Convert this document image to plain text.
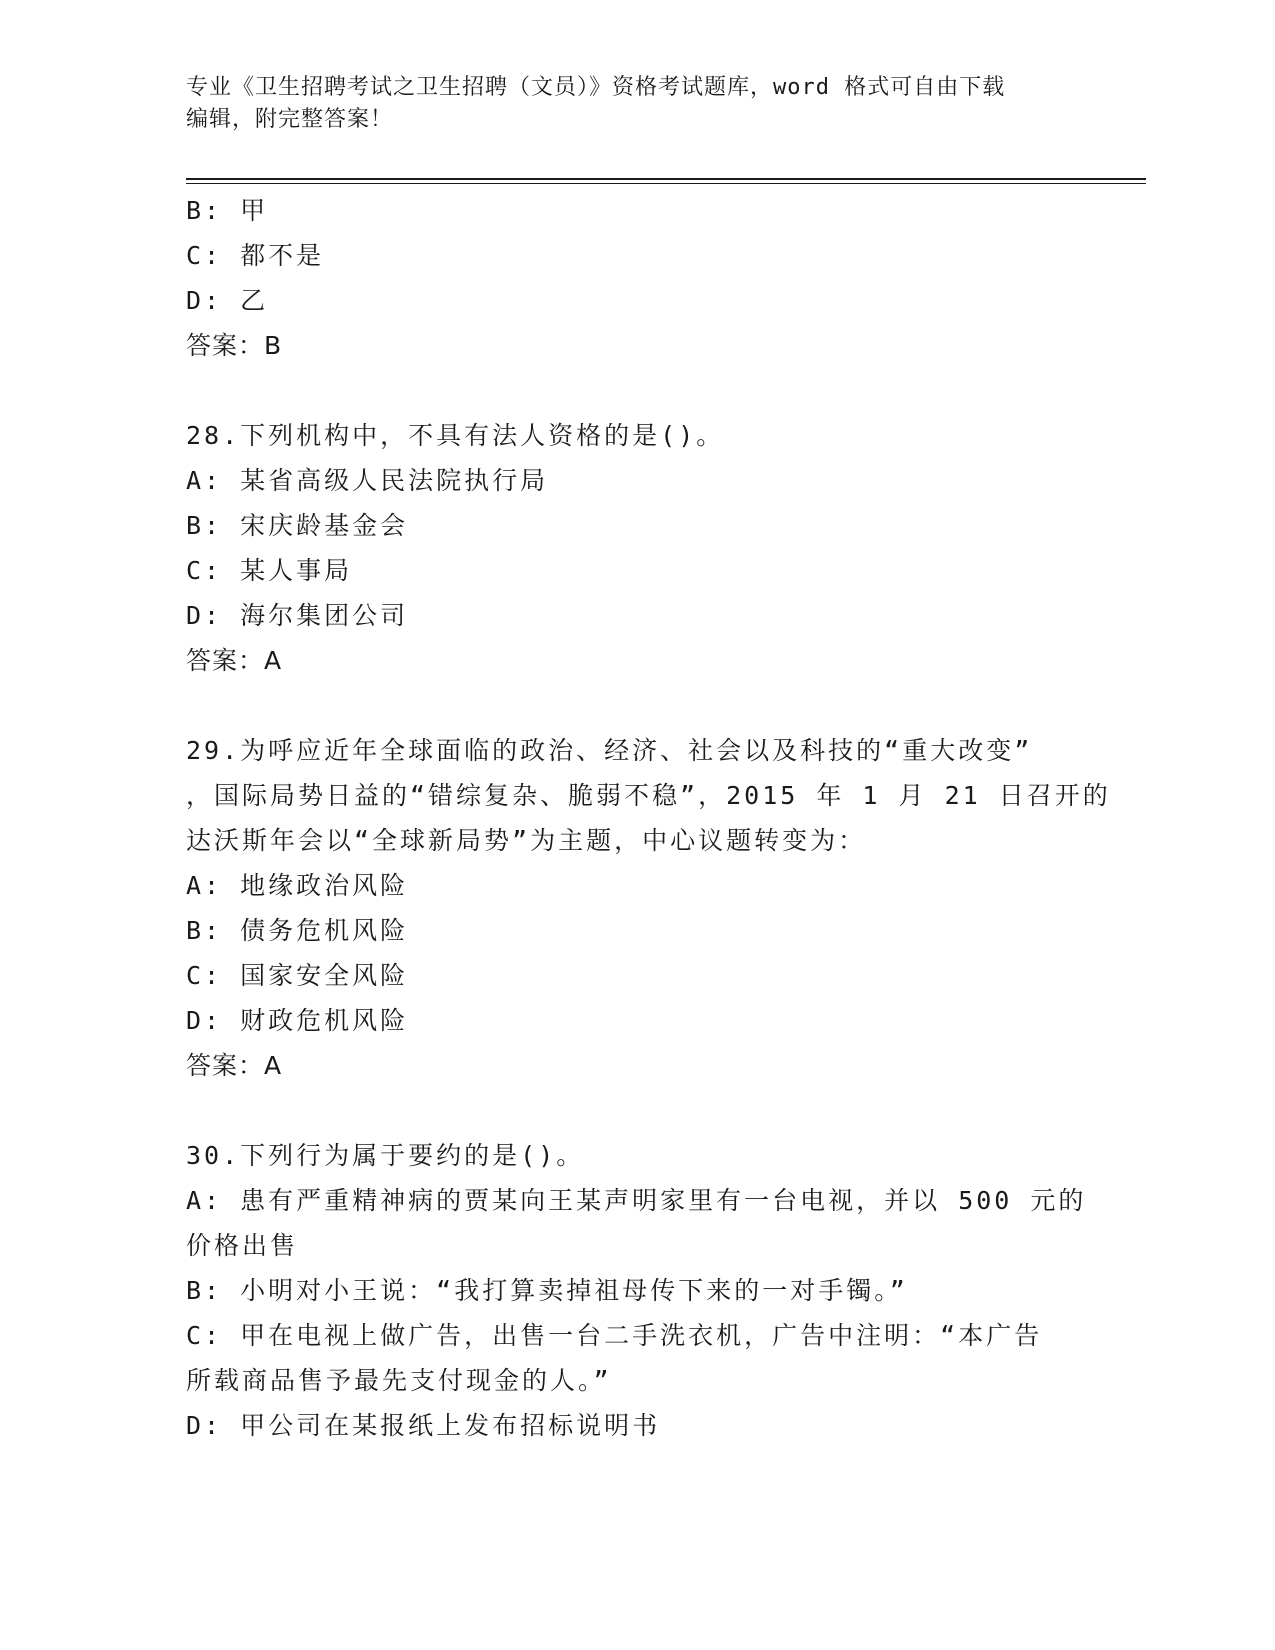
专业《卫生招聘考试之卫生招聘（文员）》资格考试题库，word 格式可自由下载
编辑，附完整答案！
B: 甲
C: 都不是
D: 乙
答案：B
28.下列机构中，不具有法人资格的是()。
A: 某省高级人民法院执行局
B: 宋庆龄基金会
C: 某人事局
D: 海尔集团公司
答案：A
29.为呼应近年全球面临的政治、经济、社会以及科技的“重大改变”
，国际局势日益的“错综复杂、脆弱不稳”，2015 年 1 月 21 日召开的
达沃斯年会以“全球新局势”为主题，中心议题转变为：
A: 地缘政治风险
B: 债务危机风险
C: 国家安全风险
D: 财政危机风险
答案：A
30.下列行为属于要约的是()。
A: 患有严重精神病的贾某向王某声明家里有一台电视，并以 500 元的
价格出售
B: 小明对小王说：“我打算卖掉祖母传下来的一对手镯。”
C: 甲在电视上做广告，出售一台二手洗衣机，广告中注明：“本广告
所载商品售予最先支付现金的人。”
D: 甲公司在某报纸上发布招标说明书
